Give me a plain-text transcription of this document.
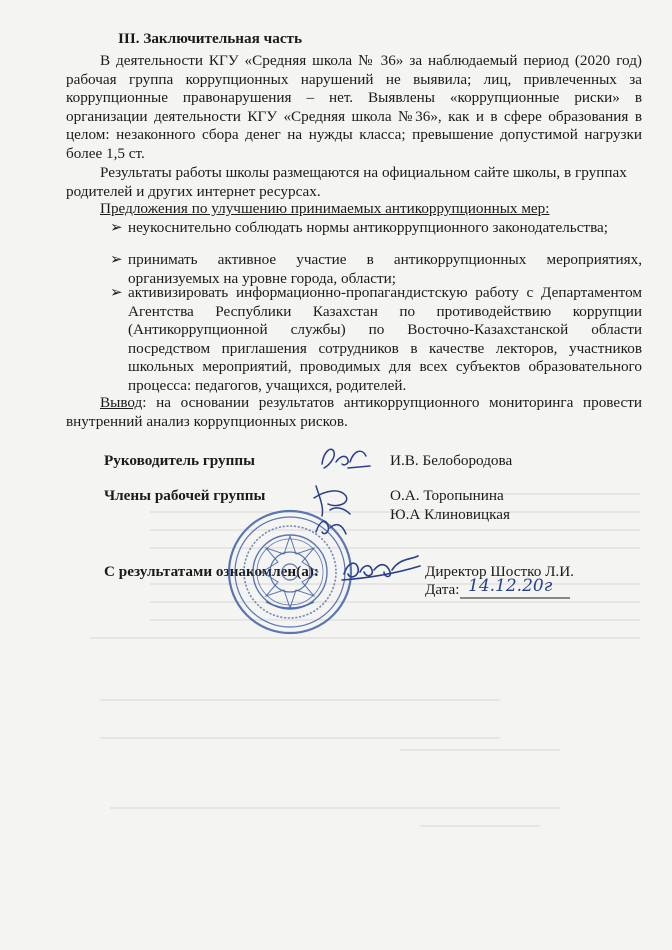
III. Заключительная часть

В деятельности КГУ «Средняя школа № 36» за наблюдаемый период (2020 год) рабочая группа коррупционных нарушений не выявила; лиц, привлеченных за коррупционные правонарушения – нет. Выявлены «коррупционные риски» в организации деятельности КГУ «Средняя школа №36», как и в сфере образования в целом: незаконного сбора денег на нужды класса; превышение допустимой нагрузки более 1,5 ст.

Результаты работы школы размещаются на официальном сайте школы, в группах родителей и других интернет ресурсах.

Предложения по улучшению принимаемых антикоррупционных мер:

➢ неукоснительно соблюдать нормы антикоррупционного законодательства;
➢ принимать активное участие в антикоррупционных мероприятиях, организуемых на уровне города, области;
➢ активизировать информационно-пропагандистскую работу с Департаментом Агентства Республики Казахстан по противодействию коррупции (Антикоррупционной службы) по Восточно-Казахстанской области посредством приглашения сотрудников в качестве лекторов, участников школьных мероприятий, проводимых для всех субъектов образовательного процесса: педагогов, учащихся, родителей.

Вывод: на основании результатов антикоррупционного мониторинга провести внутренний анализ коррупционных рисков.

Руководитель группы	И.В. Белобородова
Члены рабочей группы	О.А. Торопынина
Ю.А Клиновицкая
С результатами ознакомлен(а):	Директор Шостко Л.И.
Дата: 14.12.20г
